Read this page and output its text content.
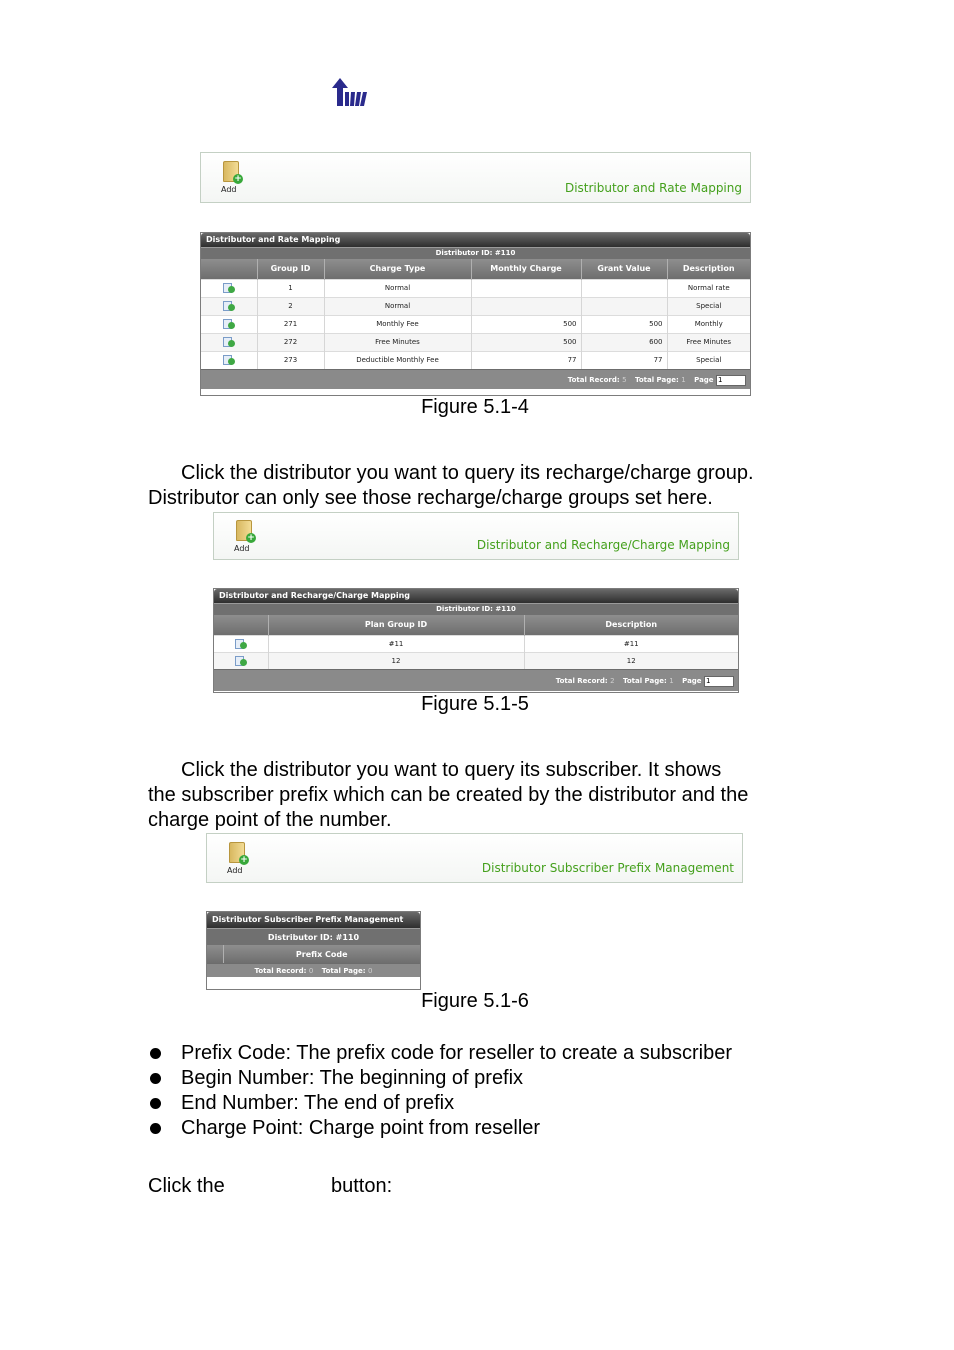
+
Add	Distributor and Rate Mapping
Distributor and Rate Mapping
Distributor ID: #110
	Group ID	Charge Type	Monthly Charge	Grant Value	Description

	1	Normal			Normal rate

	2	Normal			Special

	271	Monthly Fee	500	500	Monthly

	272	Free Minutes	500	600	Free Minutes

	273	Deductible Monthly Fee	77	77	Special
Total Record: 5 Total Page: 1 Page 1
Figure 5.1-4
Click the distributor you want to query its recharge/charge group.
Distributor can only see those recharge/charge groups set here.
+
Add	Distributor and Recharge/Charge Mapping
Distributor and Recharge/Charge Mapping
Distributor ID: #110
	Plan Group ID	Description

	#11	#11

	12	12
Total Record: 2 Total Page: 1 Page 1
Figure 5.1-5
Click the distributor you want to query its subscriber. It shows
the subscriber prefix which can be created by the distributor and the
charge point of the number.
+
Add	Distributor Subscriber Prefix Management
Distributor Subscriber Prefix Management
Distributor ID: #110
	Prefix Code
Total Record: 0 Total Page: 0
Figure 5.1-6
Prefix Code: The prefix code for reseller to create a subscriber
Begin Number: The beginning of prefix
End Number: The end of prefix
Charge Point: Charge point from reseller
Click the	button:
